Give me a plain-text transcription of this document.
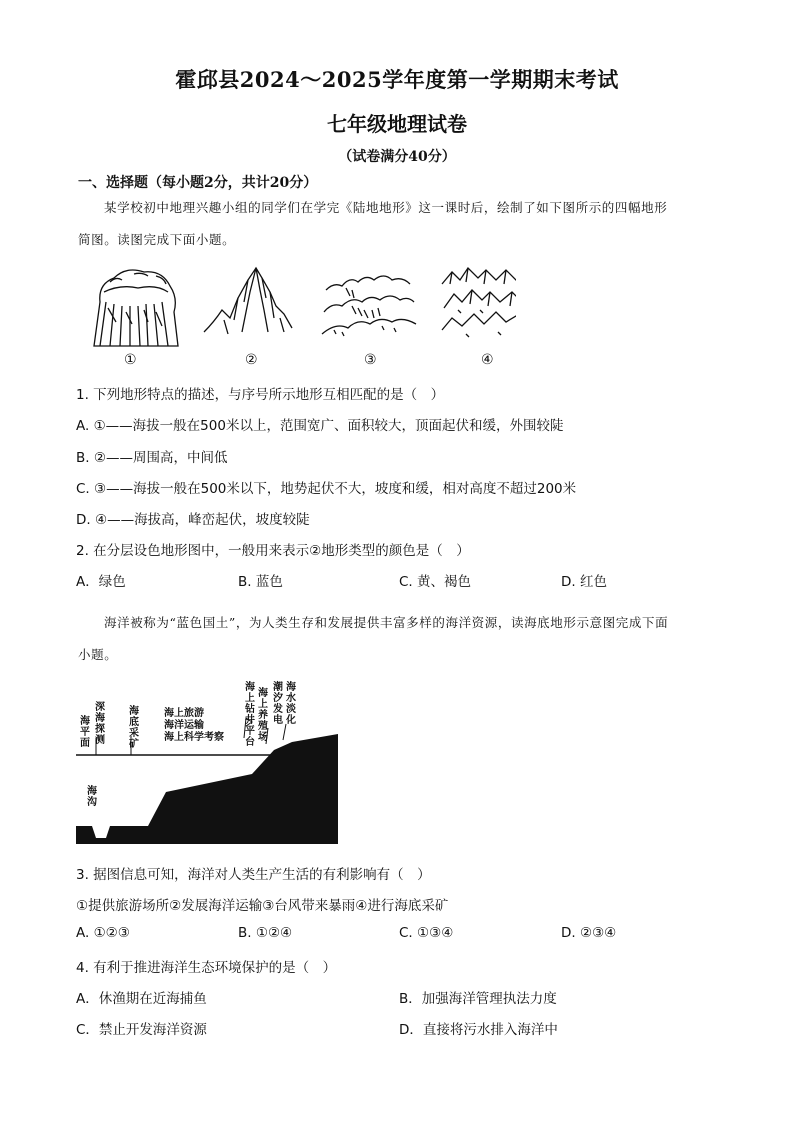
霍邱县2024～2025学年度第一学期期末考试
七年级地理试卷
（试卷满分40分）
一、选择题（每小题2分，共计20分）
某学校初中地理兴趣小组的同学们在学完《陆地地形》这一课时后，绘制了如下图所示的四幅地形
简图。读图完成下面小题。
①	②	③	④
1. 下列地形特点的描述，与序号所示地形互相匹配的是（　）
A. ①——海拔一般在500米以上，范围宽广、面积较大，顶面起伏和缓，外围较陡
B. ②——周围高，中间低
C. ③——海拔一般在500米以下，地势起伏不大，坡度和缓，相对高度不超过200米
D. ④——海拔高，峰峦起伏，坡度较陡
2. 在分层设色地形图中，一般用来表示②地形类型的颜色是（　）
A．绿色	B. 蓝色	C. 黄、褐色	D. 红色
海洋被称为“蓝色国土”，为人类生存和发展提供丰富多样的海洋资源，读海底地形示意图完成下面
小题。
海平面
深海探测
海底采矿
海上旅游
海洋运输
海上科学考察
海上钻井平台
海上养殖场
潮汐发电
海水淡化
海沟
3. 据图信息可知，海洋对人类生产生活的有利影响有（　）
①提供旅游场所②发展海洋运输③台风带来暴雨④进行海底采矿
A. ①②③	B. ①②④	C. ①③④	D. ②③④
4. 有利于推进海洋生态环境保护的是（　）
A．休渔期在近海捕鱼	B．加强海洋管理执法力度
C．禁止开发海洋资源	D．直接将污水排入海洋中
